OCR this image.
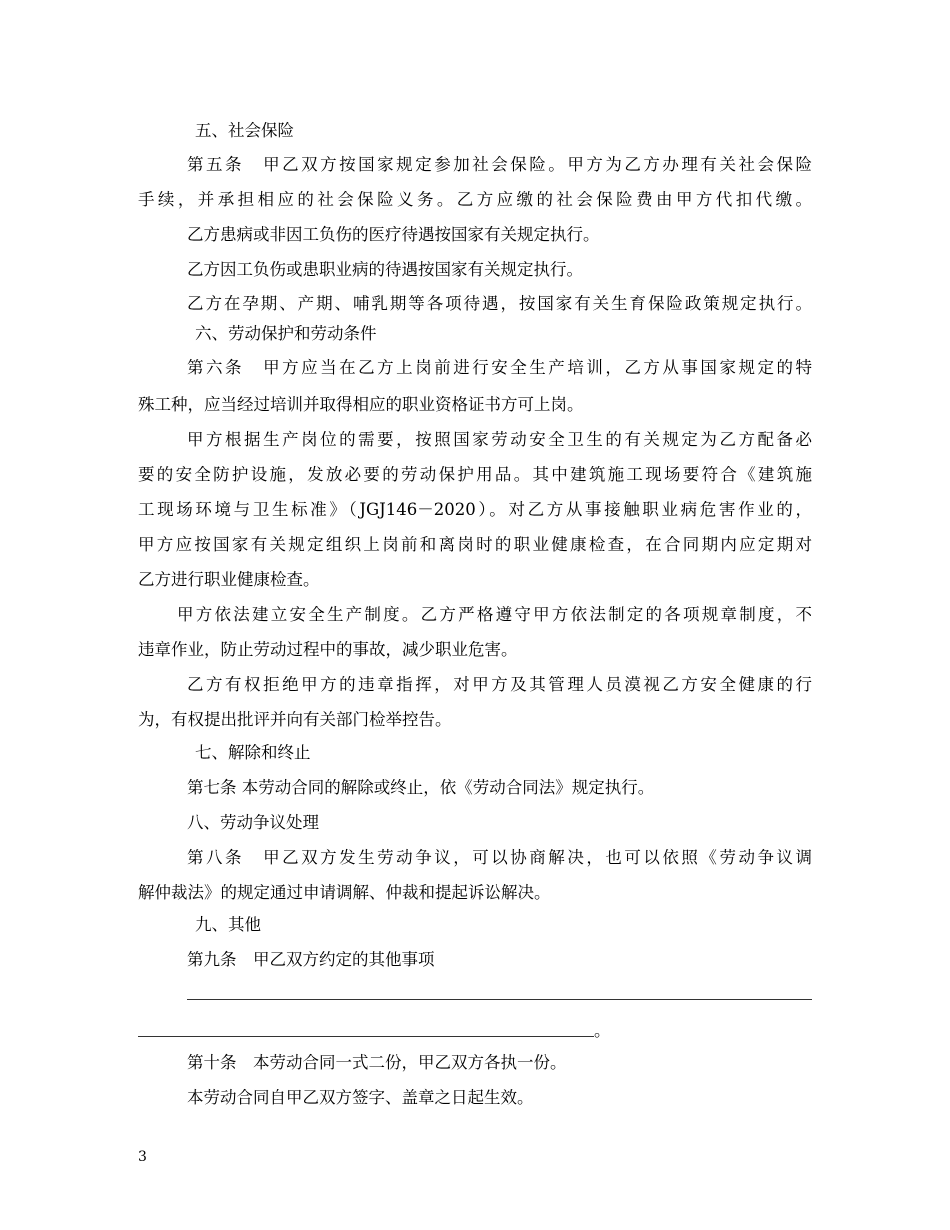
五、社会保险
第五条　甲乙双方按国家规定参加社会保险。甲方为乙方办理有关社会保险
手续，并承担相应的社会保险义务。乙方应缴的社会保险费由甲方代扣代缴。
乙方患病或非因工负伤的医疗待遇按国家有关规定执行。
乙方因工负伤或患职业病的待遇按国家有关规定执行。
乙方在孕期、产期、哺乳期等各项待遇，按国家有关生育保险政策规定执行。
六、劳动保护和劳动条件
第六条　甲方应当在乙方上岗前进行安全生产培训，乙方从事国家规定的特
殊工种，应当经过培训并取得相应的职业资格证书方可上岗。
甲方根据生产岗位的需要，按照国家劳动安全卫生的有关规定为乙方配备必
要的安全防护设施，发放必要的劳动保护用品。其中建筑施工现场要符合《建筑施
工现场环境与卫生标准》（JGJ146－2020）。对乙方从事接触职业病危害作业的，
甲方应按国家有关规定组织上岗前和离岗时的职业健康检查，在合同期内应定期对
乙方进行职业健康检查。
甲方依法建立安全生产制度。乙方严格遵守甲方依法制定的各项规章制度，不
违章作业，防止劳动过程中的事故，减少职业危害。
乙方有权拒绝甲方的违章指挥，对甲方及其管理人员漠视乙方安全健康的行
为，有权提出批评并向有关部门检举控告。
七、解除和终止
第七条 本劳动合同的解除或终止，依《劳动合同法》规定执行。
八、劳动争议处理
第八条　甲乙双方发生劳动争议，可以协商解决，也可以依照《劳动争议调
解仲裁法》的规定通过申请调解、仲裁和提起诉讼解决。
九、其他
第九条　甲乙双方约定的其他事项
。
第十条　本劳动合同一式二份，甲乙双方各执一份。
本劳动合同自甲乙双方签字、盖章之日起生效。
3
